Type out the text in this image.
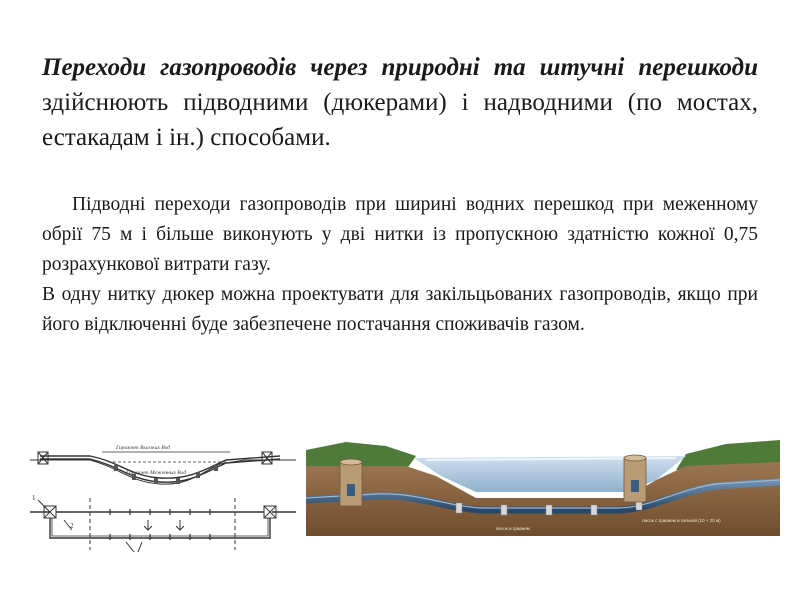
Переходи газопроводів через природні та штучні перешкоди здійснюють підводними (дюкерами) і надводними (по мостах, естакадам і ін.) способами.

Підводні переходи газопроводів при ширині водних перешкод при меженному обрії 75 м і більше виконують у дві нитки із пропускною здатністю кожної 0,75 розрахункової витрати газу.

В одну нитку дюкер можна проектувати для закільцьованих газопроводів, якщо при його відключенні буде забезпечене постачання споживачів газом.

Горизонт Высоких Вод
Горизонт Меженных Вод
1
2
лесок с гравием и галькой (10 + 20 м)
песок и гравием
